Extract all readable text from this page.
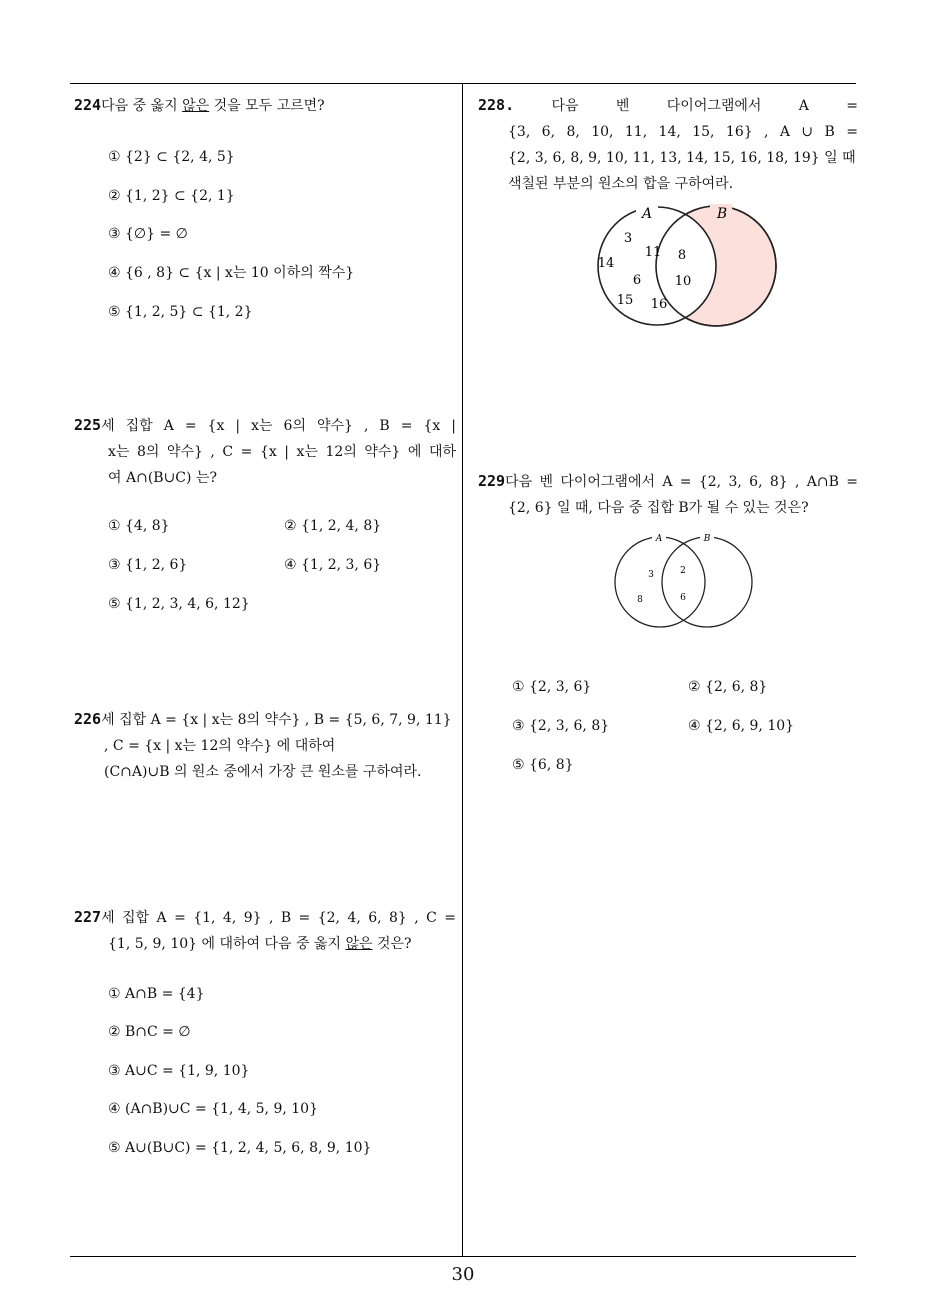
224다음 중 옳지 않은 것을 모두 고르면?
① {2} ⊂ {2, 4, 5}
② {1, 2} ⊂ {2, 1}
③ {∅} = ∅
④ {6 , 8} ⊂ {x | x는 10 이하의 짝수}
⑤ {1, 2, 5} ⊂ {1, 2}
225세 집합 A = {x | x는 6의 약수} , B = {x |
x는 8의 약수} , C = {x | x는 12의 약수} 에 대하
여 A∩(B∪C) 는?
① {4, 8}	② {1, 2, 4, 8}
③ {1, 2, 6}	④ {1, 2, 3, 6}
⑤ {1, 2, 3, 4, 6, 12}
226세 집합 A = {x | x는 8의 약수} , B = {5, 6, 7, 9, 11}
, C = {x | x는 12의 약수} 에 대하여
(C∩A)∪B 의 원소 중에서 가장 큰 원소를 구하여라.
227세 집합 A = {1, 4, 9} , B = {2, 4, 6, 8} , C =
{1, 5, 9, 10} 에 대하여 다음 중 옳지 않은 것은?
① A∩B = {4}
② B∩C = ∅
③ A∪C = {1, 9, 10}
④ (A∩B)∪C = {1, 4, 5, 9, 10}
⑤ A∪(B∪C) = {1, 2, 4, 5, 6, 8, 9, 10}
228.	다음 벤 다이어그램에서 A =
{3, 6, 8, 10, 11, 14, 15, 16} , A ∪ B =
{2, 3, 6, 8, 9, 10, 11, 13, 14, 15, 16, 18, 19} 일 때
색칠된 부분의 원소의 합을 구하여라.
A	B
3
11
14
6
15 16
8
10
229다음 벤 다이어그램에서 A = {2, 3, 6, 8} , A∩B =
{2, 6} 일 때, 다음 중 집합 B가 될 수 있는 것은?
A	B
3
8
2
6
① {2, 3, 6}	② {2, 6, 8}
③ {2, 3, 6, 8}	④ {2, 6, 9, 10}
⑤ {6, 8}
30
